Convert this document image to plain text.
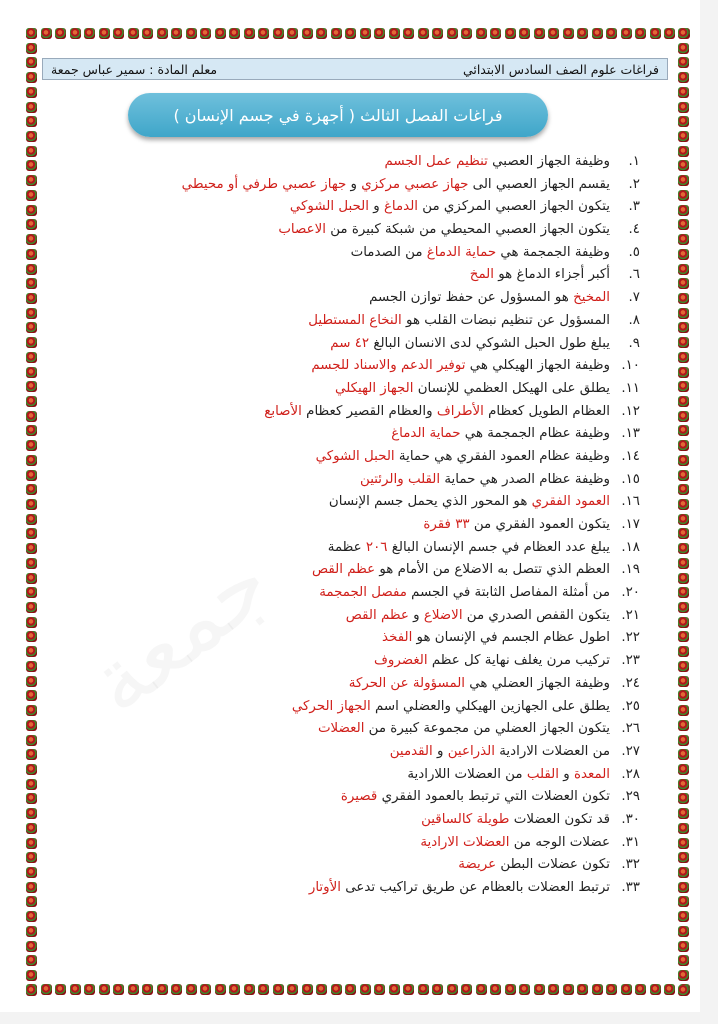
فراغات علوم الصف السادس الابتدائي
معلم المادة : سمير عباس جمعة
فراغات الفصل الثالث ( أجهزة في جسم الإنسان )
١.
وظيفة الجهاز العصبي تنظيم عمل الجسم
٢.
يقسم الجهاز العصبي الى جهاز عصبي مركزي و جهاز عصبي طرفي أو محيطي
٣.
يتكون الجهاز العصبي المركزي من الدماغ و الحبل الشوكي
٤.
يتكون الجهاز العصبي المحيطي من شبكة كبيرة من الاعصاب
٥.
وظيفة الجمجمة هي حماية الدماغ من الصدمات
٦.
أكبر أجزاء الدماغ هو المخ
٧.
المخيخ هو المسؤول عن حفظ توازن الجسم
٨.
المسؤول عن تنظيم نبضات القلب هو النخاع المستطيل
٩.
يبلغ طول الحبل الشوكي لدى الانسان البالغ ٤٢ سم
١٠.
وظيفة الجهاز الهيكلي هي توفير الدعم والاسناد للجسم
١١.
يطلق على الهيكل العظمي للإنسان الجهاز الهيكلي
١٢.
العظام الطويل كعظام الأطراف والعظام القصير كعظام الأصابع
١٣.
وظيفة عظام الجمجمة هي حماية الدماغ
١٤.
وظيفة عظام العمود الفقري هي حماية الحبل الشوكي
١٥.
وظيفة عظام الصدر هي حماية القلب والرئتين
١٦.
العمود الفقري هو المحور الذي يحمل جسم الإنسان
١٧.
يتكون العمود الفقري من ٣٣ فقرة
١٨.
يبلغ عدد العظام في جسم الإنسان البالغ ٢٠٦ عظمة
١٩.
العظم الذي تتصل به الاضلاع من الأمام هو عظم القص
٢٠.
من أمثلة المفاصل الثابتة في الجسم مفصل الجمجمة
٢١.
يتكون القفص الصدري من الاضلاع و عظم القص
٢٢.
اطول عظام الجسم في الإنسان هو الفخذ
٢٣.
تركيب مرن يغلف نهاية كل عظم الغضروف
٢٤.
وظيفة الجهاز العضلي هي المسؤولة عن الحركة
٢٥.
يطلق على الجهازين الهيكلي والعضلي اسم الجهاز الحركي
٢٦.
يتكون الجهاز العضلي من مجموعة كبيرة من العضلات
٢٧.
من العضلات الارادية الذراعين و القدمين
٢٨.
المعدة و القلب من العضلات اللارادية
٢٩.
تكون العضلات التي ترتبط بالعمود الفقري قصيرة
٣٠.
قد تكون العضلات طويلة كالساقين
٣١.
عضلات الوجه من العضلات الارادية
٣٢.
تكون عضلات البطن عريضة
٣٣.
ترتبط العضلات بالعظام عن طريق تراكيب تدعى الأوتار
